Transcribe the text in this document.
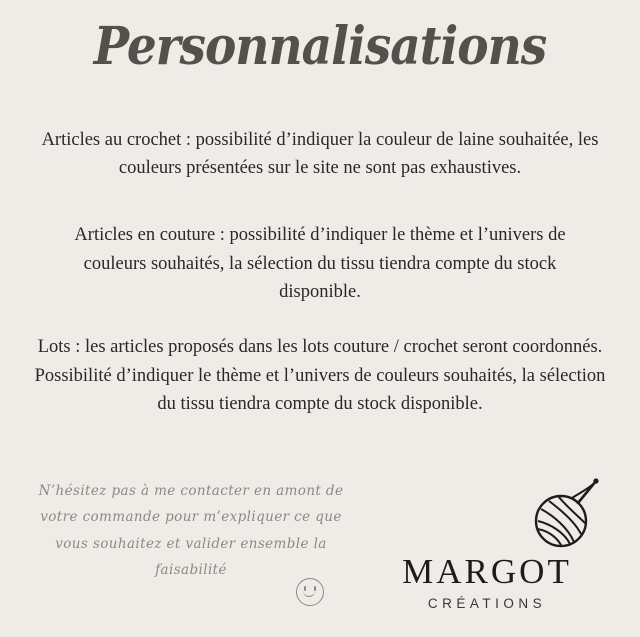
Personnalisations

Articles au crochet : possibilité d’indiquer la couleur de laine souhaitée, les couleurs présentées sur le site ne sont pas exhaustives.

Articles en couture : possibilité d’indiquer le thème et l’univers de couleurs souhaités, la sélection du tissu tiendra compte du stock disponible.

Lots : les articles proposés dans les lots couture / crochet seront coordonnés. Possibilité d’indiquer le thème et l’univers de couleurs souhaités, la sélection du tissu tiendra compte du stock disponible.

N’hésitez pas à me contacter en amont de votre commande pour m’expliquer ce que vous souhaitez et valider ensemble la faisabilité	MARGOT
CRÉATIONS
